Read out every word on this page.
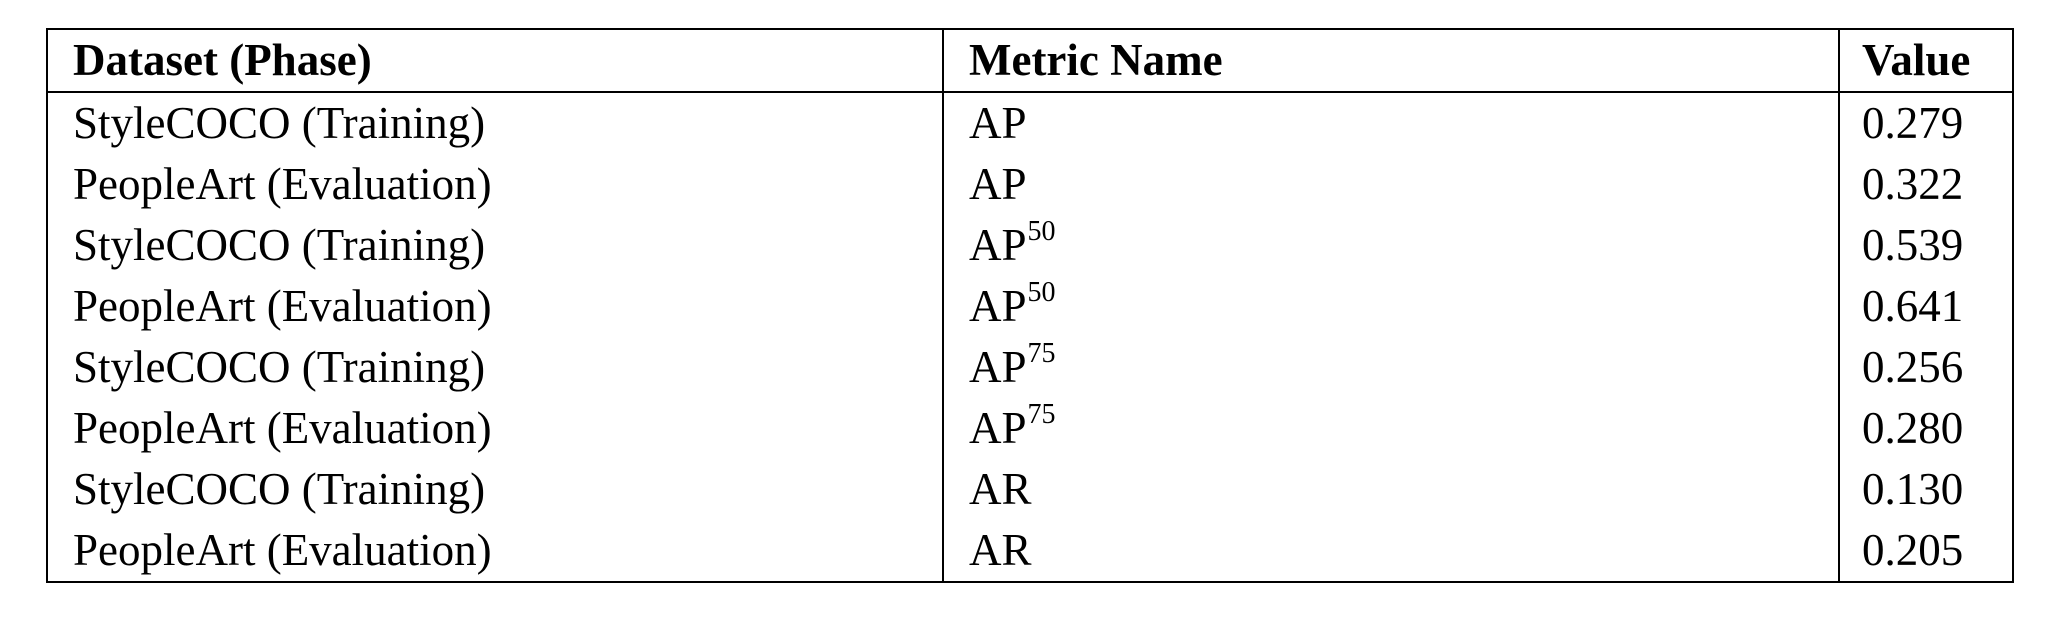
Dataset (Phase)	Metric Name	Value
StyleCOCO (Training)	AP	0.279
PeopleArt (Evaluation)	AP	0.322
StyleCOCO (Training)	AP$^{50}$	0.539
PeopleArt (Evaluation)	AP$^{50}$	0.641
StyleCOCO (Training)	AP$^{75}$	0.256
PeopleArt (Evaluation)	AP$^{75}$	0.280
StyleCOCO (Training)	AR	0.130
PeopleArt (Evaluation)	AR	0.205
